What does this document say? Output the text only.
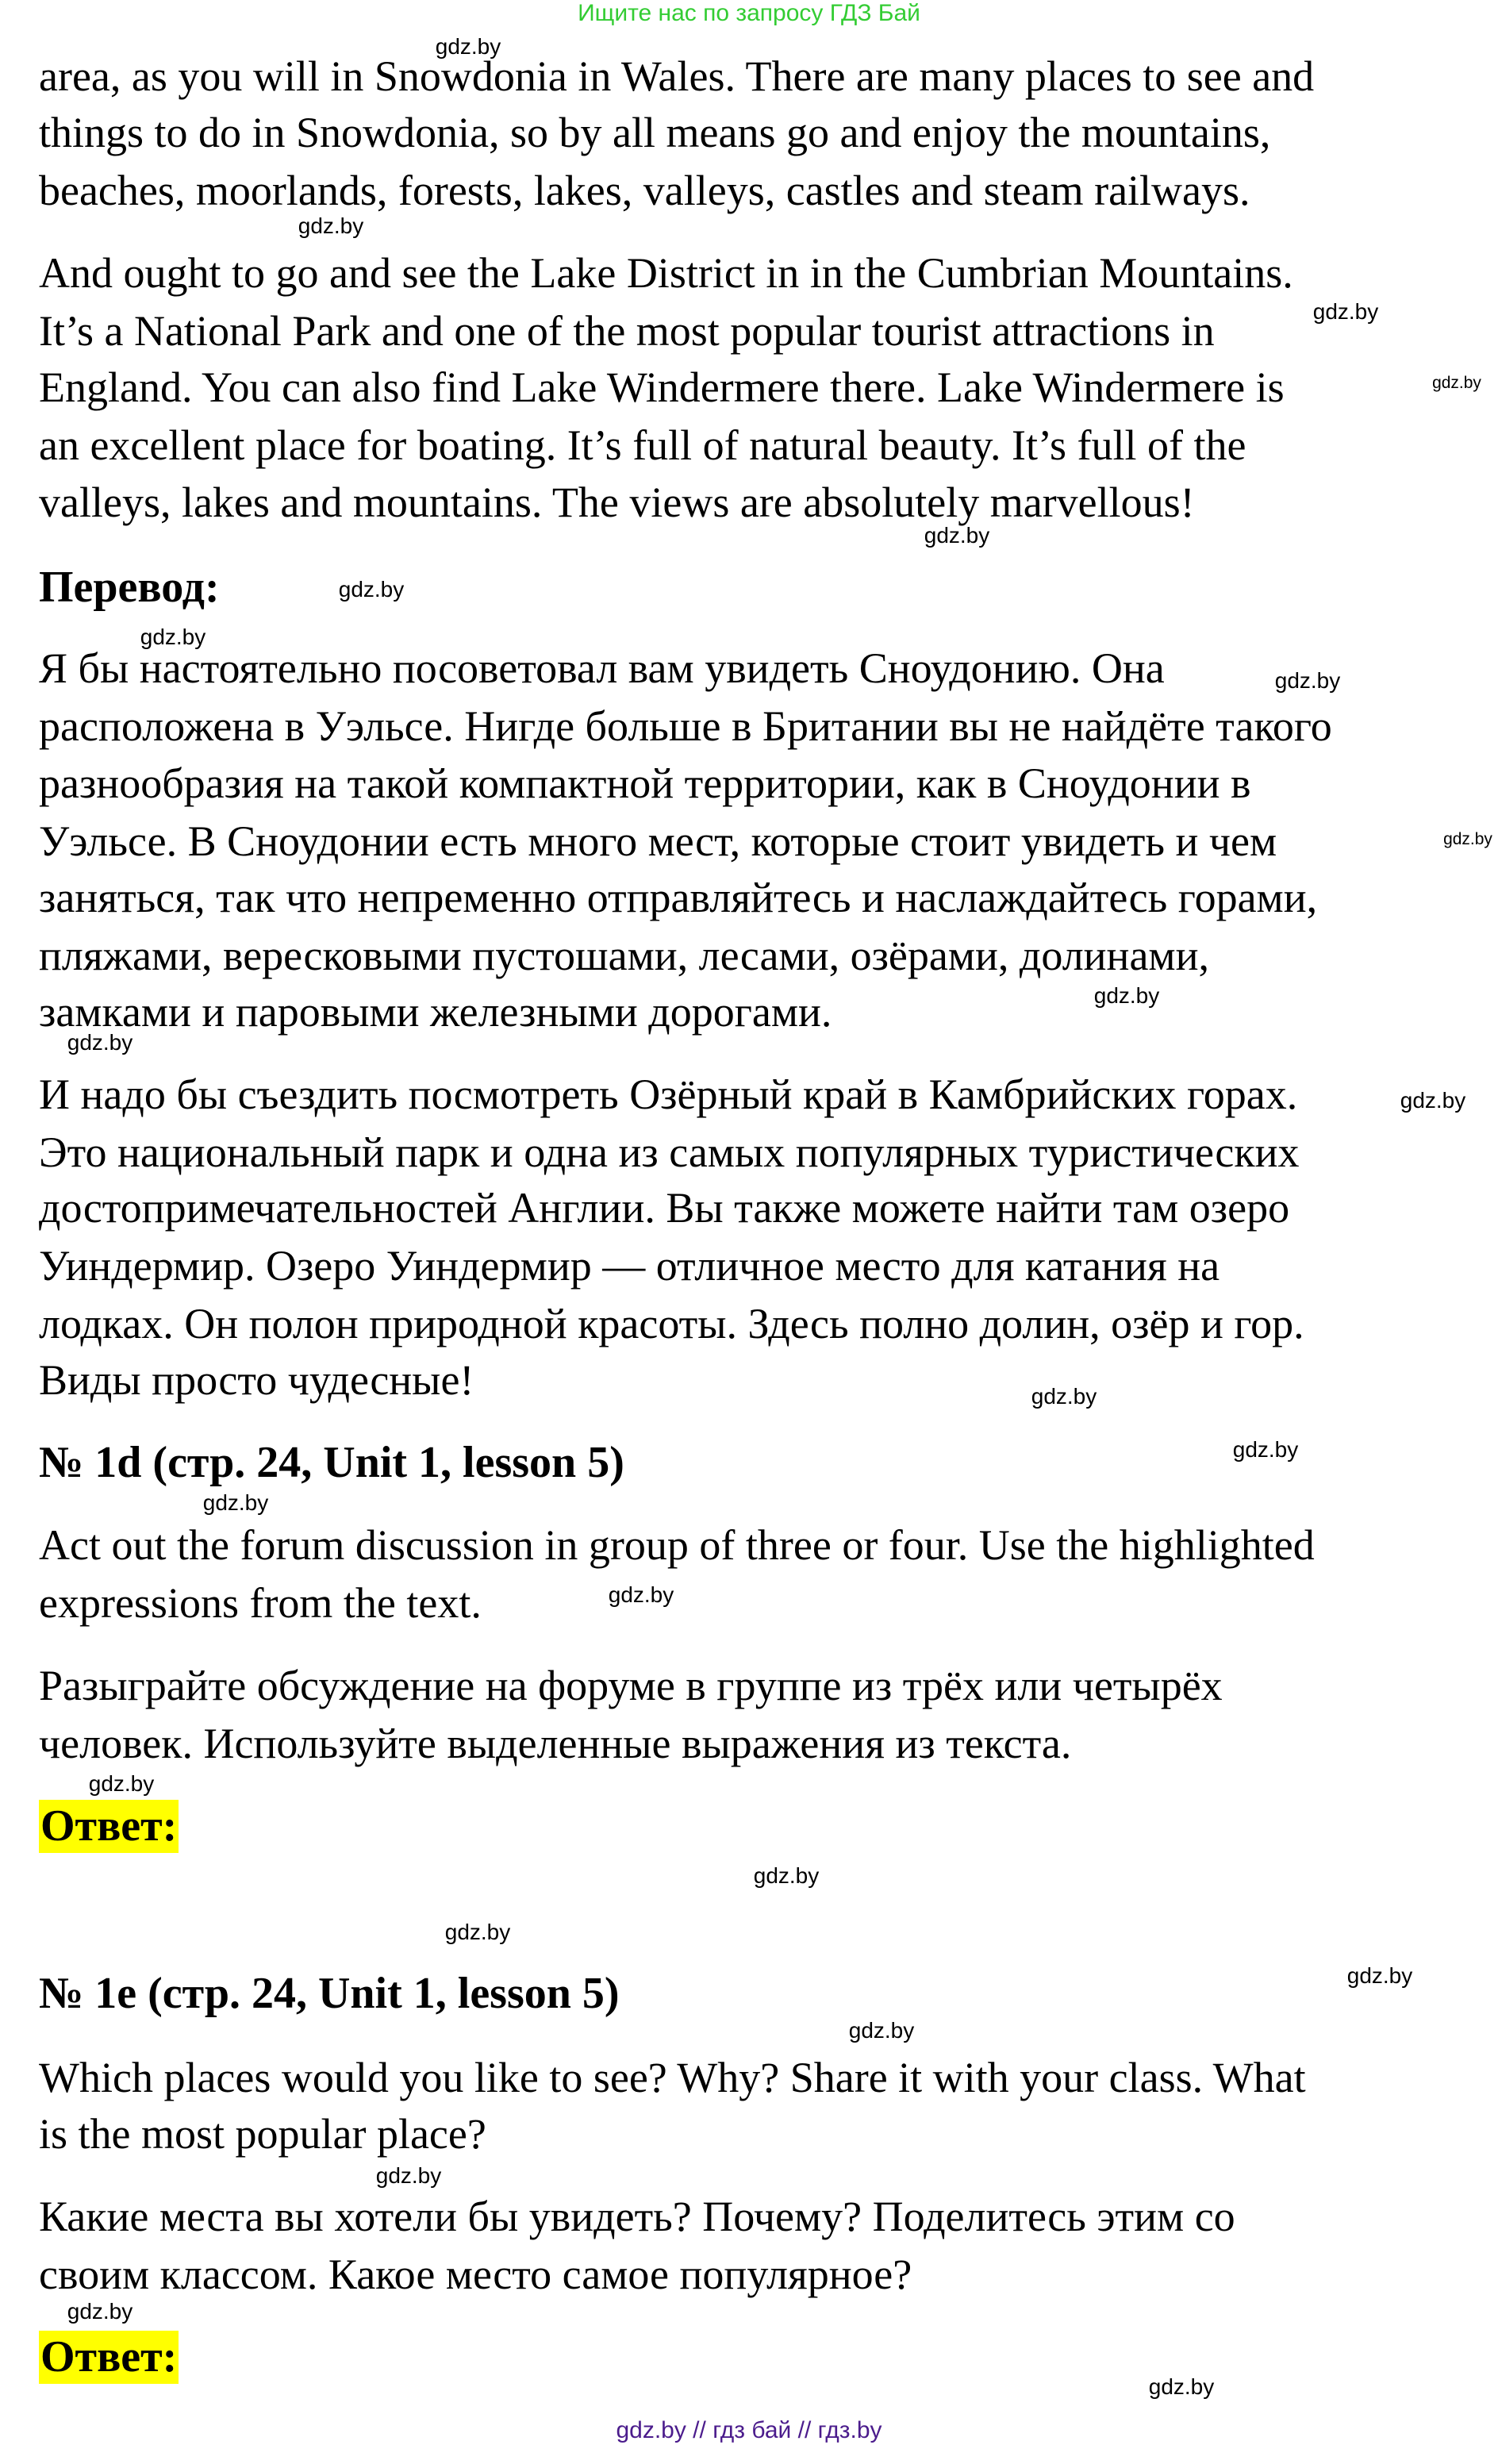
Ищите нас по запросу ГДЗ Бай
area, as you will in Snowdonia in Wales. There are many places to see and
things to do in Snowdonia, so by all means go and enjoy the mountains,
beaches, moorlands, forests, lakes, valleys, castles and steam railways.
And ought to go and see the Lake District in in the Cumbrian Mountains.
It’s a National Park and one of the most popular tourist attractions in
England. You can also find Lake Windermere there. Lake Windermere is
an excellent place for boating. It’s full of natural beauty. It’s full of the
valleys, lakes and mountains. The views are absolutely marvellous!
Перевод:
Я бы настоятельно посоветовал вам увидеть Сноудонию. Она
расположена в Уэльсе. Нигде больше в Британии вы не найдёте такого
разнообразия на такой компактной территории, как в Сноудонии в
Уэльсе. В Сноудонии есть много мест, которые стоит увидеть и чем
заняться, так что непременно отправляйтесь и наслаждайтесь горами,
пляжами, вересковыми пустошами, лесами, озёрами, долинами,
замками и паровыми железными дорогами.
И надо бы съездить посмотреть Озёрный край в Камбрийских горах.
Это национальный парк и одна из самых популярных туристических
достопримечательностей Англии. Вы также можете найти там озеро
Уиндермир. Озеро Уиндермир — отличное место для катания на
лодках. Он полон природной красоты. Здесь полно долин, озёр и гор.
Виды просто чудесные!
№ 1d (стр. 24, Unit 1, lesson 5)
Act out the forum discussion in group of three or four. Use the highlighted
expressions from the text.
Разыграйте обсуждение на форуме в группе из трёх или четырёх
человек. Используйте выделенные выражения из текста.
Ответ:
№ 1e (стр. 24, Unit 1, lesson 5)
Which places would you like to see? Why? Share it with your class. What
is the most popular place?
Какие места вы хотели бы увидеть? Почему? Поделитесь этим со
своим классом. Какое место самое популярное?
Ответ:
gdz.by
gdz.by
gdz.by
gdz.by
gdz.by
gdz.by
gdz.by
gdz.by
gdz.by
gdz.by
gdz.by
gdz.by
gdz.by
gdz.by
gdz.by
gdz.by
gdz.by
gdz.by
gdz.by
gdz.by
gdz.by
gdz.by
gdz.by
gdz.by
gdz.by // гдз бай // гдз.by
